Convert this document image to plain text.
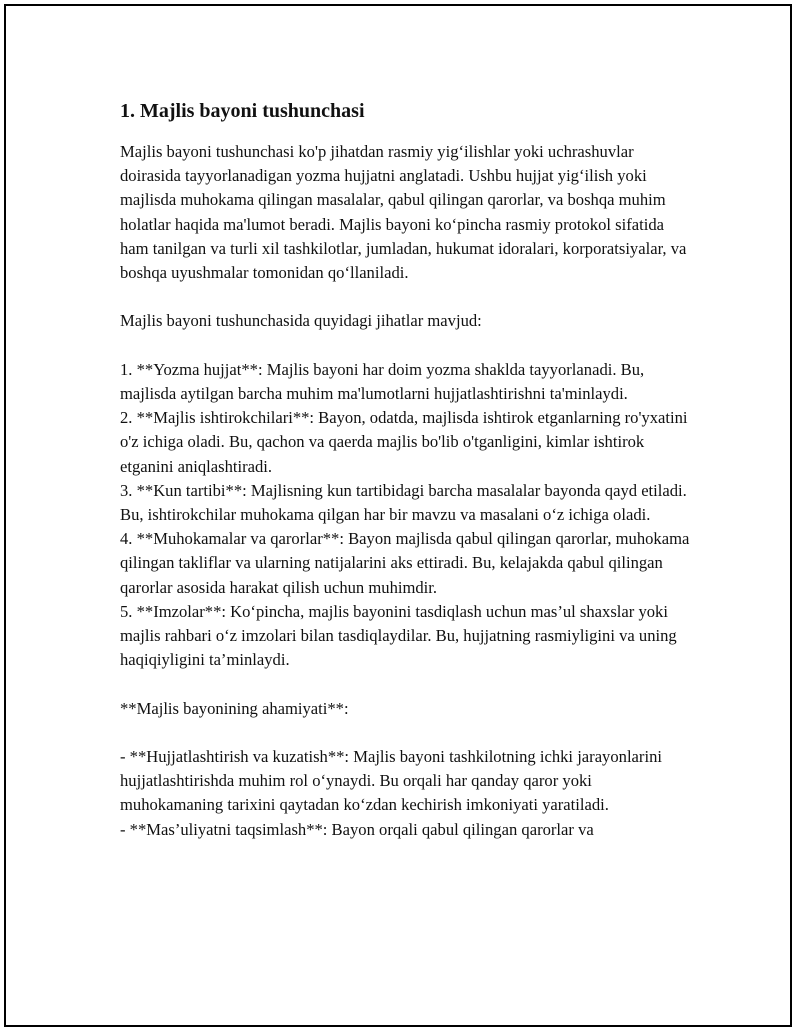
1. Majlis bayoni tushunchasi

Majlis bayoni tushunchasi ko'p jihatdan rasmiy yig‘ilishlar yoki uchrashuvlar doirasida tayyorlanadigan yozma hujjatni anglatadi. Ushbu hujjat yig‘ilish yoki majlisda muhokama qilingan masalalar, qabul qilingan qarorlar, va boshqa muhim holatlar haqida ma'lumot beradi. Majlis bayoni ko‘pincha rasmiy protokol sifatida ham tanilgan va turli xil tashkilotlar, jumladan, hukumat idoralari, korporatsiyalar, va boshqa uyushmalar tomonidan qo‘llaniladi.

Majlis bayoni tushunchasida quyidagi jihatlar mavjud:

1. **Yozma hujjat**: Majlis bayoni har doim yozma shaklda tayyorlanadi. Bu, majlisda aytilgan barcha muhim ma'lumotlarni hujjatlashtirishni ta'minlaydi.

2. **Majlis ishtirokchilari**: Bayon, odatda, majlisda ishtirok etganlarning ro'yxatini o'z ichiga oladi. Bu, qachon va qaerda majlis bo'lib o'tganligini, kimlar ishtirok etganini aniqlashtiradi.

3. **Kun tartibi**: Majlisning kun tartibidagi barcha masalalar bayonda qayd etiladi. Bu, ishtirokchilar muhokama qilgan har bir mavzu va masalani o‘z ichiga oladi.

4. **Muhokamalar va qarorlar**: Bayon majlisda qabul qilingan qarorlar, muhokama qilingan takliflar va ularning natijalarini aks ettiradi. Bu, kelajakda qabul qilingan qarorlar asosida harakat qilish uchun muhimdir.

5. **Imzolar**: Ko‘pincha, majlis bayonini tasdiqlash uchun mas’ul shaxslar yoki majlis rahbari o‘z imzolari bilan tasdiqlaydilar. Bu, hujjatning rasmiyligini va uning haqiqiyligini ta’minlaydi.

**Majlis bayonining ahamiyati**:

- **Hujjatlashtirish va kuzatish**: Majlis bayoni tashkilotning ichki jarayonlarini hujjatlashtirishda muhim rol o‘ynaydi. Bu orqali har qanday qaror yoki muhokamaning tarixini qaytadan ko‘zdan kechirish imkoniyati yaratiladi.

- **Mas’uliyatni taqsimlash**: Bayon orqali qabul qilingan qarorlar va
